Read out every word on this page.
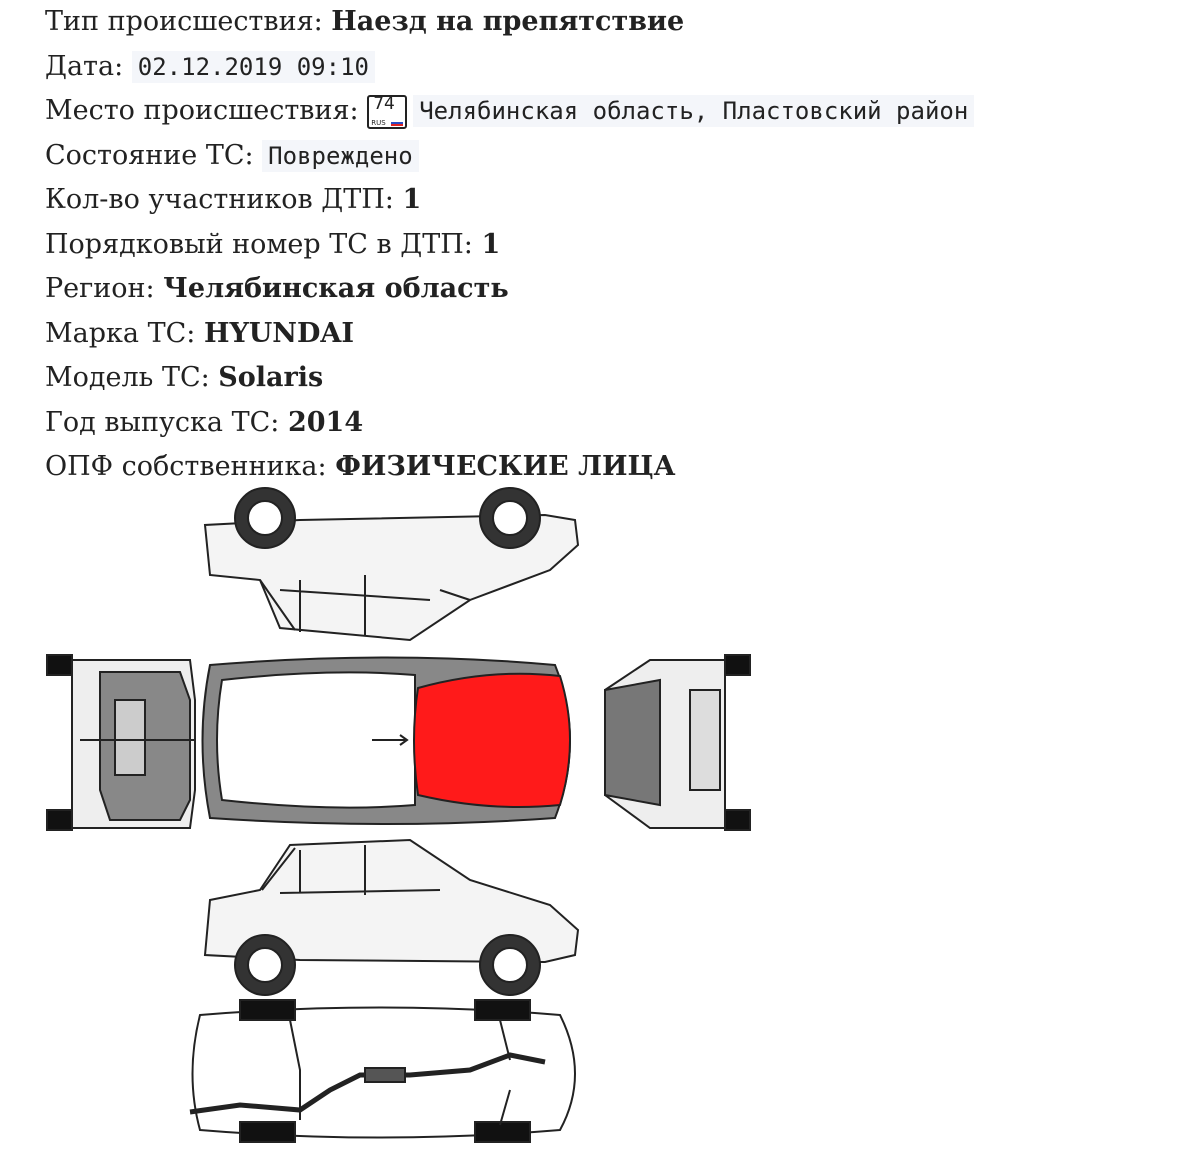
Тип происшествия: Наезд на препятствие
Дата: 02.12.2019 09:10
Место происшествия: 74
RUS Челябинская область, Пластовский район
Состояние ТС: Повреждено
Кол-во участников ДТП: 1
Порядковый номер ТС в ДТП: 1
Регион: Челябинская область
Марка ТС: HYUNDAI
Модель ТС: Solaris
Год выпуска ТС: 2014
ОПФ собственника: ФИЗИЧЕСКИЕ ЛИЦА
